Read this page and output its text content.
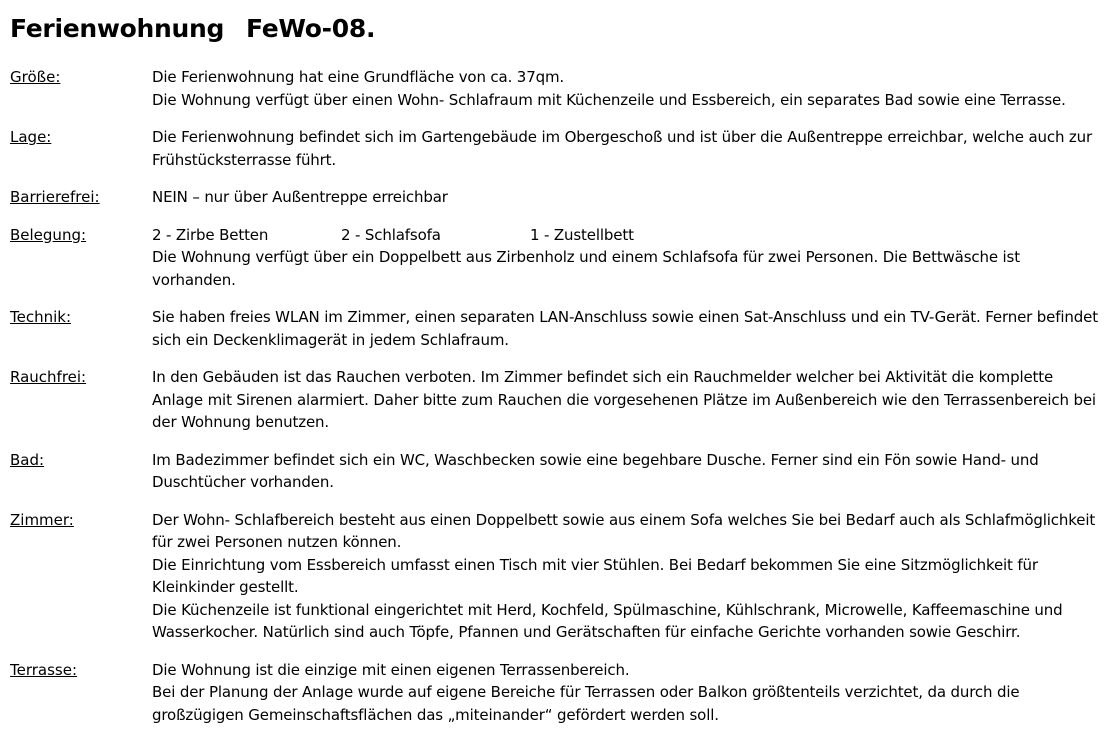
Ferienwohnung FeWo-08.
Größe:	Die Ferienwohnung hat eine Grundfläche von ca. 37qm.

Die Wohnung verfügt über einen Wohn- Schlafraum mit Küchenzeile und Essbereich, ein separates Bad sowie eine Terrasse.

Lage:	Die Ferienwohnung befindet sich im Gartengebäude im Obergeschoß und ist über die Außentreppe erreichbar, welche auch zur Frühstücksterrasse führt.

Barrierefrei:	NEIN – nur über Außentreppe erreichbar

Belegung:	2 - Zirbe Betten	2 - Schlafsofa	1 - Zustellbett

Die Wohnung verfügt über ein Doppelbett aus Zirbenholz und einem Schlafsofa für zwei Personen. Die Bettwäsche ist vorhanden.

Technik:	Sie haben freies WLAN im Zimmer, einen separaten LAN-Anschluss sowie einen Sat-Anschluss und ein TV-Gerät. Ferner befindet sich ein Deckenklimagerät in jedem Schlafraum.

Rauchfrei:	In den Gebäuden ist das Rauchen verboten. Im Zimmer befindet sich ein Rauchmelder welcher bei Aktivität die komplette Anlage mit Sirenen alarmiert. Daher bitte zum Rauchen die vorgesehenen Plätze im Außenbereich wie den Terrassenbereich bei der Wohnung benutzen.

Bad:	Im Badezimmer befindet sich ein WC, Waschbecken sowie eine begehbare Dusche. Ferner sind ein Fön sowie Hand- und Duschtücher vorhanden.

Zimmer:	Der Wohn- Schlafbereich besteht aus einen Doppelbett sowie aus einem Sofa welches Sie bei Bedarf auch als Schlafmöglichkeit für zwei Personen nutzen können.

Die Einrichtung vom Essbereich umfasst einen Tisch mit vier Stühlen. Bei Bedarf bekommen Sie eine Sitzmöglichkeit für Kleinkinder gestellt.

Die Küchenzeile ist funktional eingerichtet mit Herd, Kochfeld, Spülmaschine, Kühlschrank, Microwelle, Kaffeemaschine und Wasserkocher. Natürlich sind auch Töpfe, Pfannen und Gerätschaften für einfache Gerichte vorhanden sowie Geschirr.

Terrasse:	Die Wohnung ist die einzige mit einen eigenen Terrassenbereich.

Bei der Planung der Anlage wurde auf eigene Bereiche für Terrassen oder Balkon größtenteils verzichtet, da durch die großzügigen Gemeinschaftsflächen das „miteinander“ gefördert werden soll.
